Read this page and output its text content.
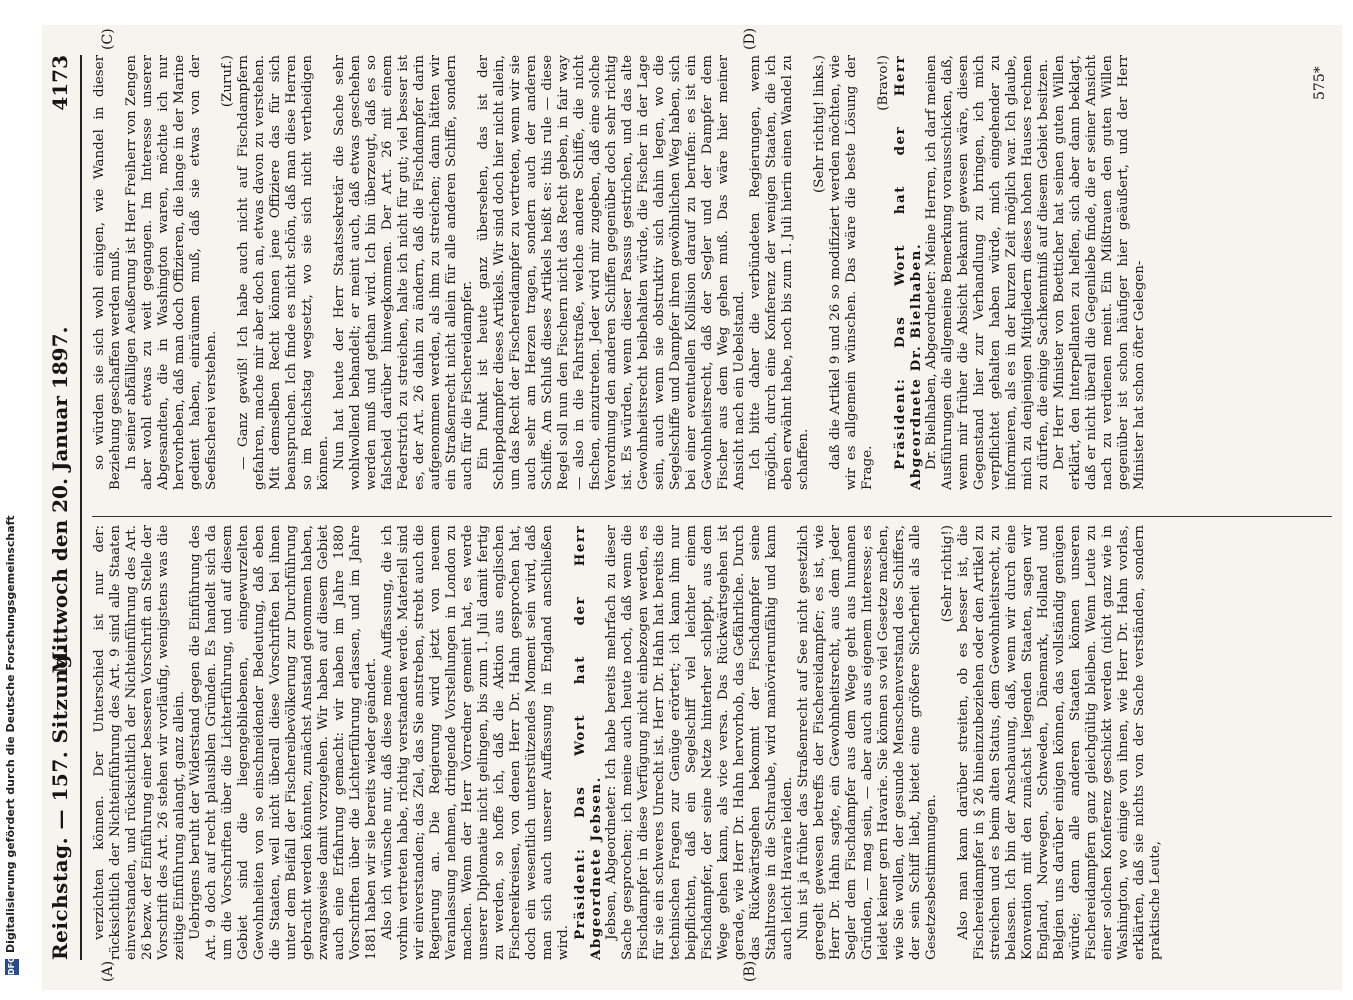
DFGDigitalisierung gefördert durch die Deutsche Forschungsgemeinschaft Reichstag. — 157. Sitzung.
Mittwoch den 20. Januar 1897.                               4173
(A)	(B)
(C)	(D)

verzichten können. Der Unterschied ist nur der: rücksichtlich der Nichteinführung des Art. 9 sind alle Staaten einverstanden, und rücksichtlich der Nichteinführung des Art. 26 bezw. der Einführung einer besseren Vorschrift an Stelle der Vorschrift des Art. 26 stehen wir vorläufig, wenigstens was die zeitige Einführung anlangt, ganz allein. Uebrigens beruht der Widerstand gegen die Einführung des Art. 9 doch auf recht plausiblen Gründen. Es handelt sich da um die Vorschriften über die Lichterführung, und auf diesem Gebiet sind die liegengebliebenen, eingewurzelten Gewohnheiten von so einschneidender Bedeutung, daß eben die Staaten, weil nicht überall diese Vorschriften bei ihnen unter dem Beifall der Fischereibevölkerung zur Durchführung gebracht werden könnten, zunächst Anstand genommen haben, zwangsweise damit vorzugehen. Wir haben auf diesem Gebiet auch eine Erfahrung gemacht: wir haben im Jahre 1880 Vorschriften über die Lichterführung erlassen, und im Jahre 1881 haben wir sie bereits wieder geändert. Also ich wünsche nur, daß diese meine Auffassung, die ich vorhin vertreten habe, richtig verstanden werde. Materiell sind wir einverstanden; das Ziel, das Sie anstreben, strebt auch die Regierung an. Die Regierung wird jetzt von neuem Veranlassung nehmen, dringende Vorstellungen in London zu machen. Wenn der Herr Vorredner gemeint hat, es werde unserer Diplomatie nicht gelingen, bis zum 1. Juli damit fertig zu werden, so hoffe ich, daß die Aktion aus englischen Fischereikreisen, von denen Herr Dr. Hahn gesprochen hat, doch ein wesentlich unterstützendes Moment sein wird, daß man sich auch unserer Auffassung in England anschließen wird.

Präsident: Das Wort hat der Herr Abgeordnete Jebsen. Jebsen, Abgeordneter: Ich habe bereits mehrfach zu dieser Sache gesprochen; ich meine auch heute noch, daß wenn die Fischdampfer in diese Verfügung nicht einbezogen werden, es für sie ein schweres Unrecht ist. Herr Dr. Hahn hat bereits die technischen Fragen zur Genüge erörtert; ich kann ihm nur beipflichten, daß ein Segelschiff viel leichter einem Fischdampfer, der seine Netze hinterher schleppt, aus dem Wege gehen kann, als vice versa. Das Rückwärtsgehen ist gerade, wie Herr Dr. Hahn hervorhob, das Gefährliche. Durch das Rückwärtsgehen bekommt der Fischdampfer seine Stahltrosse in die Schraube, wird manövrierunfähig und kann auch leicht Havarie leiden. Nun ist ja früher das Straßenrecht auf See nicht gesetzlich geregelt gewesen betreffs der Fischereidampfer; es ist, wie Herr Dr. Hahn sagte, ein Gewohnheitsrecht, aus dem jeder Segler dem Fischdampfer aus dem Wege geht aus humanen Gründen, — mag sein, — aber auch aus eigenem Interesse; es leidet keiner gern Havarie. Sie können so viel Gesetze machen, wie Sie wollen, der gesunde Menschenverstand des Schiffers, der sein Schiff liebt, bietet eine größere Sicherheit als alle Gesetzesbestimmungen.

(Sehr richtig!) Also man kann darüber streiten, ob es besser ist, die Fischereidampfer in § 26 hineinzubeziehen oder den Artikel zu streichen und es beim alten Status, dem Gewohnheitsrecht, zu belassen. Ich bin der Anschauung, daß, wenn wir durch eine Konvention mit den zunächst liegenden Staaten, sagen wir England, Norwegen, Schweden, Dänemark, Holland und Belgien uns darüber einigen können, das vollständig genügen würde; denn alle anderen Staaten können unseren Fischereidampfern ganz gleichgültig bleiben. Wenn Leute zu einer solchen Konferenz geschickt werden (nicht ganz wie in Washington, wo einige von ihnen, wie Herr Dr. Hahn vorlas, erklärten, daß sie nichts von der Sache verständen, sondern praktische Leute,

so würden sie sich wohl einigen, wie Wandel in dieser Beziehung geschaffen werden muß. In seiner abfälligen Aeußerung ist Herr Freiherr von Zengen aber wohl etwas zu weit gegangen. Im Interesse unserer Abgesandten, die in Washington waren, möchte ich nur hervorheben, daß man doch Offizieren, die lange in der Marine gedient haben, einräumen muß, daß sie etwas von der Seefischerei verstehen.

(Zuruf.) — Ganz gewiß! Ich habe auch nicht auf Fischdampfern gefahren, mache mir aber doch an, etwas davon zu verstehen. Mit demselben Recht können jene Offiziere das für sich beanspruchen. Ich finde es nicht schön, daß man diese Herren so im Reichstag wegsetzt, wo sie sich nicht vertheidigen können. Nun hat heute der Herr Staatssekretär die Sache sehr wohlwollend behandelt; er meint auch, daß etwas geschehen werden muß und gethan wird. Ich bin überzeugt, daß es so falscheid darüber hinwegkommen. Der Art. 26 mit einem Federstrich zu streichen, halte ich nicht für gut; viel besser ist es, der Art. 26 dahin zu ändern, daß die Fischdampfer darin aufgenommen werden, als ihm zu streichen; dann hätten wir ein Straßenrecht nicht allein für alle anderen Schiffe, sondern auch für die Fischereidampfer. Ein Punkt ist heute ganz übersehen, das ist der Schleppdampfer dieses Artikels. Wir sind doch hier nicht allein, um das Recht der Fischereidampfer zu vertreten, wenn wir sie auch sehr am Herzen tragen, sondern auch der anderen Schiffe. Am Schluß dieses Artikels heißt es: this rule — diese Regel soll nun den Fischern nicht das Recht geben, in fair way — also in die Fahrstraße, welche andere Schiffe, die nicht fischen, einzutreten. Jeder wird mir zugeben, daß eine solche Verordnung den anderen Schiffen gegenüber doch sehr richtig ist. Es würden, wenn dieser Passus gestrichen, und das alte Gewohnheitsrecht beibehalten würde, die Fischer in der Lage sein, auch wenn sie obstruktiv sich dahin legen, wo die Segelschiffe und Dampfer ihren gewöhnlichen Weg haben, sich bei einer eventuellen Kollision darauf zu berufen: es ist ein Gewohnheitsrecht, daß der Segler und der Dampfer dem Fischer aus dem Weg gehen muß. Das wäre hier meiner Ansicht nach ein Uebelstand. Ich bitte daher die verbündeten Regierungen, wenn möglich, durch eine Konferenz der wenigen Staaten, die ich eben erwähnt habe, noch bis zum 1. Juli hierin einen Wandel zu schaffen.

(Sehr richtig! links.) daß die Artikel 9 und 26 so modifiziert werden möchten, wie wir es allgemein wünschen. Das wäre die beste Lösung der Frage.

(Bravo!) Präsident: Das Wort hat der Herr Abgeordnete Dr. Bielhaben. Dr. Bielhaben, Abgeordneter: Meine Herren, ich darf meinen Ausführungen die allgemeine Bemerkung vorausschicken, daß, wenn mir früher die Absicht bekannt gewesen wäre, diesen Gegenstand hier zur Verhandlung zu bringen, ich mich verpflichtet gehalten haben würde, mich eingehender zu informieren, als es in der kurzen Zeit möglich war. Ich glaube, mich zu denjenigen Mitgliedern dieses hohen Hauses rechnen zu dürfen, die einige Sachkenntniß auf diesem Gebiet besitzen. Der Herr Minister von Boetticher hat seinen guten Willen erklärt, den Interpellanten zu helfen, sich aber dann beklagt, daß er nicht überall die Gegenliebe finde, die er seiner Ansicht nach zu verdienen meint. Ein Mißtrauen den guten Willen gegenüber ist schon häufiger hier geäußert, und der Herr Minister hat schon öfter Gelegen-

575*
